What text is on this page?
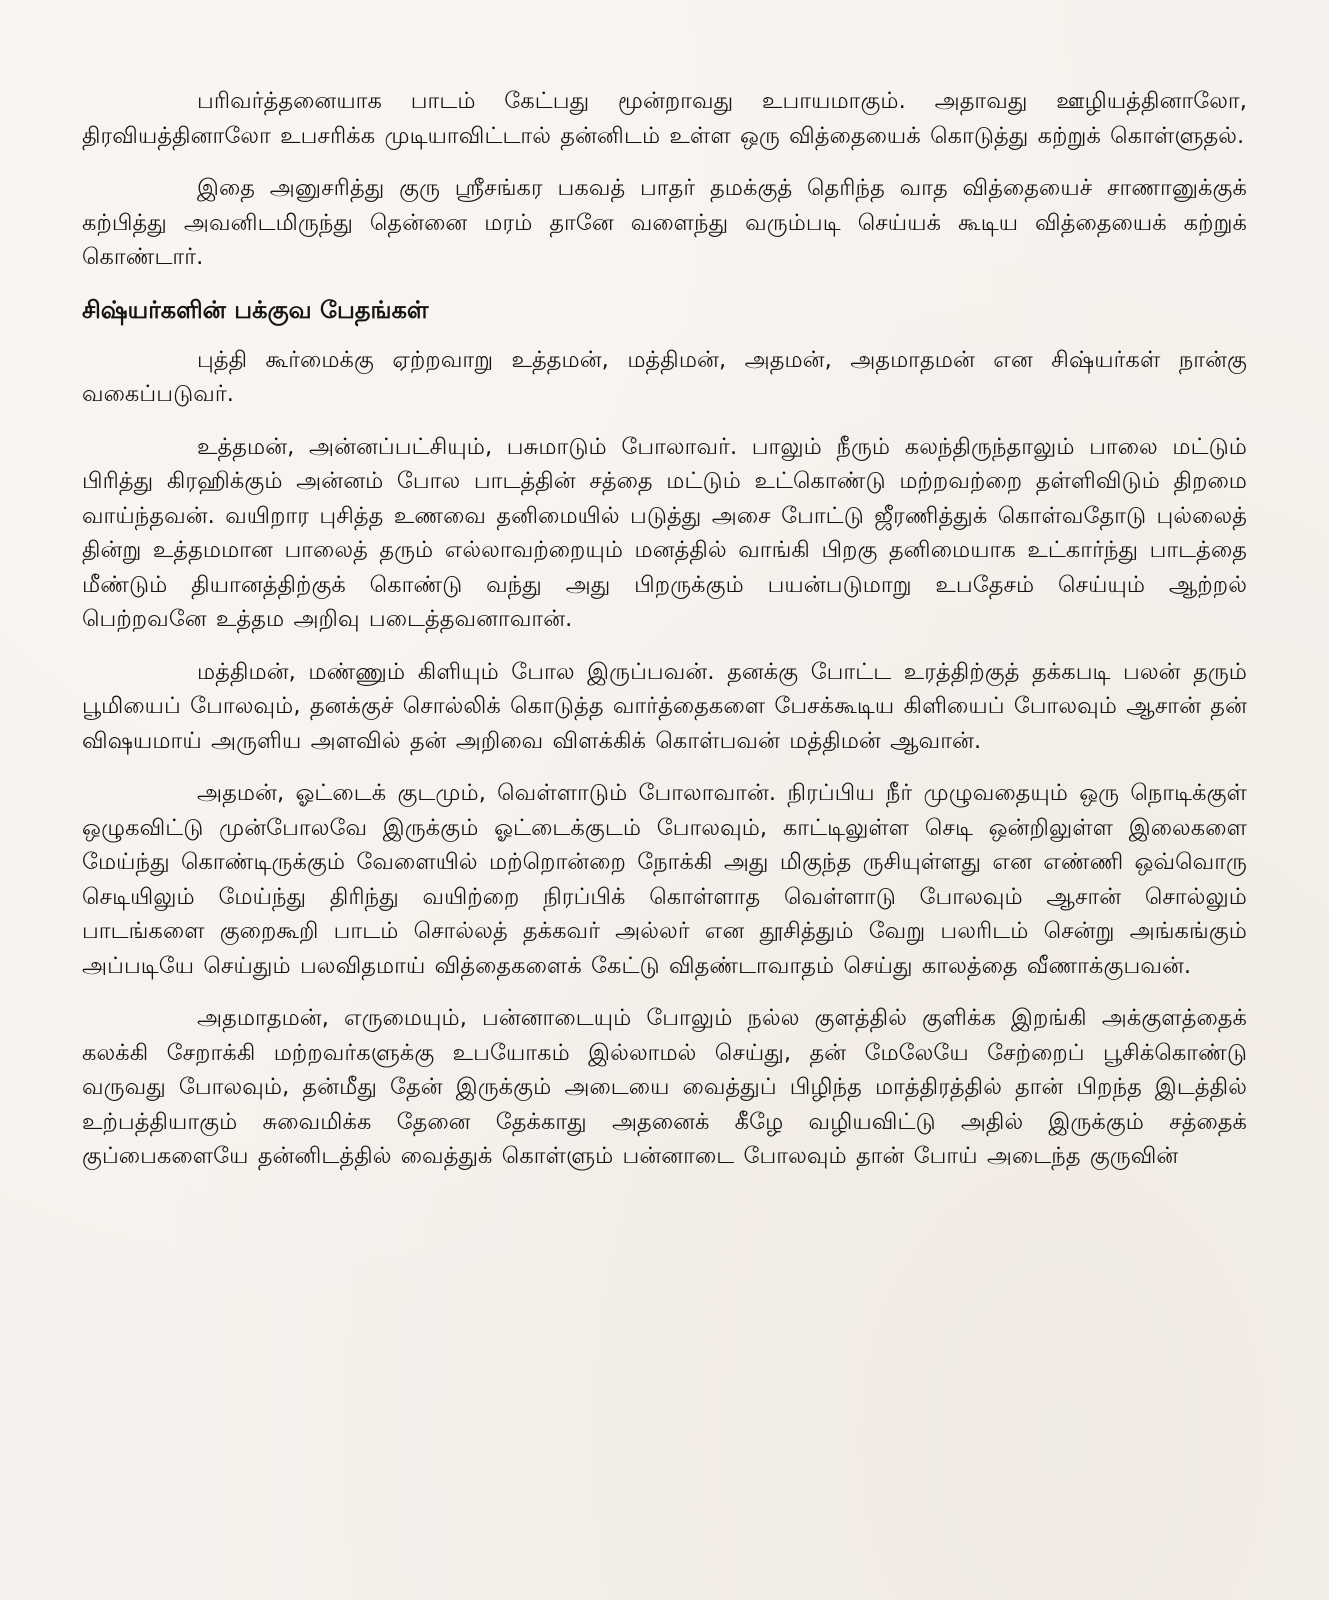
பரிவர்த்தனையாக பாடம் கேட்பது மூன்றாவது உபாயமாகும். அதாவது ஊழியத்தினாலோ, திரவியத்தினாலோ உபசரிக்க முடியாவிட்டால் தன்னிடம் உள்ள ஒரு வித்தையைக் கொடுத்து கற்றுக் கொள்ளுதல்.

இதை அனுசரித்து குரு ஸ்ரீசங்கர பகவத் பாதர் தமக்குத் தெரிந்த வாத வித்தையைச் சாணானுக்குக் கற்பித்து அவனிடமிருந்து தென்னை மரம் தானே வளைந்து வரும்படி செய்யக் கூடிய வித்தையைக் கற்றுக் கொண்டார்.

சிஷ்யர்களின் பக்குவ பேதங்கள்

புத்தி கூர்மைக்கு ஏற்றவாறு உத்தமன், மத்திமன், அதமன், அதமாதமன் என சிஷ்யர்கள் நான்கு வகைப்படுவர்.

உத்தமன், அன்னப்பட்சியும், பசுமாடும் போலாவர். பாலும் நீரும் கலந்திருந்தாலும் பாலை மட்டும் பிரித்து கிரஹிக்கும் அன்னம் போல பாடத்தின் சத்தை மட்டும் உட்கொண்டு மற்றவற்றை தள்ளிவிடும் திறமை வாய்ந்தவன். வயிறார புசித்த உணவை தனிமையில் படுத்து அசை போட்டு ஜீரணித்துக் கொள்வதோடு புல்லைத் தின்று உத்தமமான பாலைத் தரும் எல்லாவற்றையும் மனத்தில் வாங்கி பிறகு தனிமையாக உட்கார்ந்து பாடத்தை மீண்டும் தியானத்திற்குக் கொண்டு வந்து அது பிறருக்கும் பயன்படுமாறு உபதேசம் செய்யும் ஆற்றல் பெற்றவனே உத்தம அறிவு படைத்தவனாவான்.

மத்திமன், மண்ணும் கிளியும் போல இருப்பவன். தனக்கு போட்ட உரத்திற்குத் தக்கபடி பலன் தரும் பூமியைப் போலவும், தனக்குச் சொல்லிக் கொடுத்த வார்த்தைகளை பேசக்கூடிய கிளியைப் போலவும் ஆசான் தன் விஷயமாய் அருளிய அளவில் தன் அறிவை விளக்கிக் கொள்பவன் மத்திமன் ஆவான்.

அதமன், ஓட்டைக் குடமும், வெள்ளாடும் போலாவான். நிரப்பிய நீர் முழுவதையும் ஒரு நொடிக்குள் ஒழுகவிட்டு முன்போலவே இருக்கும் ஓட்டைக்குடம் போலவும், காட்டிலுள்ள செடி ஒன்றிலுள்ள இலைகளை மேய்ந்து கொண்டிருக்கும் வேளையில் மற்றொன்றை நோக்கி அது மிகுந்த ருசியுள்ளது என எண்ணி ஒவ்வொரு செடியிலும் மேய்ந்து திரிந்து வயிற்றை நிரப்பிக் கொள்ளாத வெள்ளாடு போலவும் ஆசான் சொல்லும் பாடங்களை குறைகூறி பாடம் சொல்லத் தக்கவர் அல்லர் என தூசித்தும் வேறு பலரிடம் சென்று அங்கங்கும் அப்படியே செய்தும் பலவிதமாய் வித்தைகளைக் கேட்டு விதண்டாவாதம் செய்து காலத்தை வீணாக்குபவன்.

அதமாதமன், எருமையும், பன்னாடையும் போலும் நல்ல குளத்தில் குளிக்க இறங்கி அக்குளத்தைக் கலக்கி சேறாக்கி மற்றவர்களுக்கு உபயோகம் இல்லாமல் செய்து, தன் மேலேயே சேற்றைப் பூசிக்கொண்டு வருவது போலவும், தன்மீது தேன் இருக்கும் அடையை வைத்துப் பிழிந்த மாத்திரத்தில் தான் பிறந்த இடத்தில் உற்பத்தியாகும் சுவைமிக்க தேனை தேக்காது அதனைக் கீழே வழியவிட்டு அதில் இருக்கும் சத்தைக் குப்பைகளையே தன்னிடத்தில் வைத்துக் கொள்ளும் பன்னாடை போலவும் தான் போய் அடைந்த குருவின்
